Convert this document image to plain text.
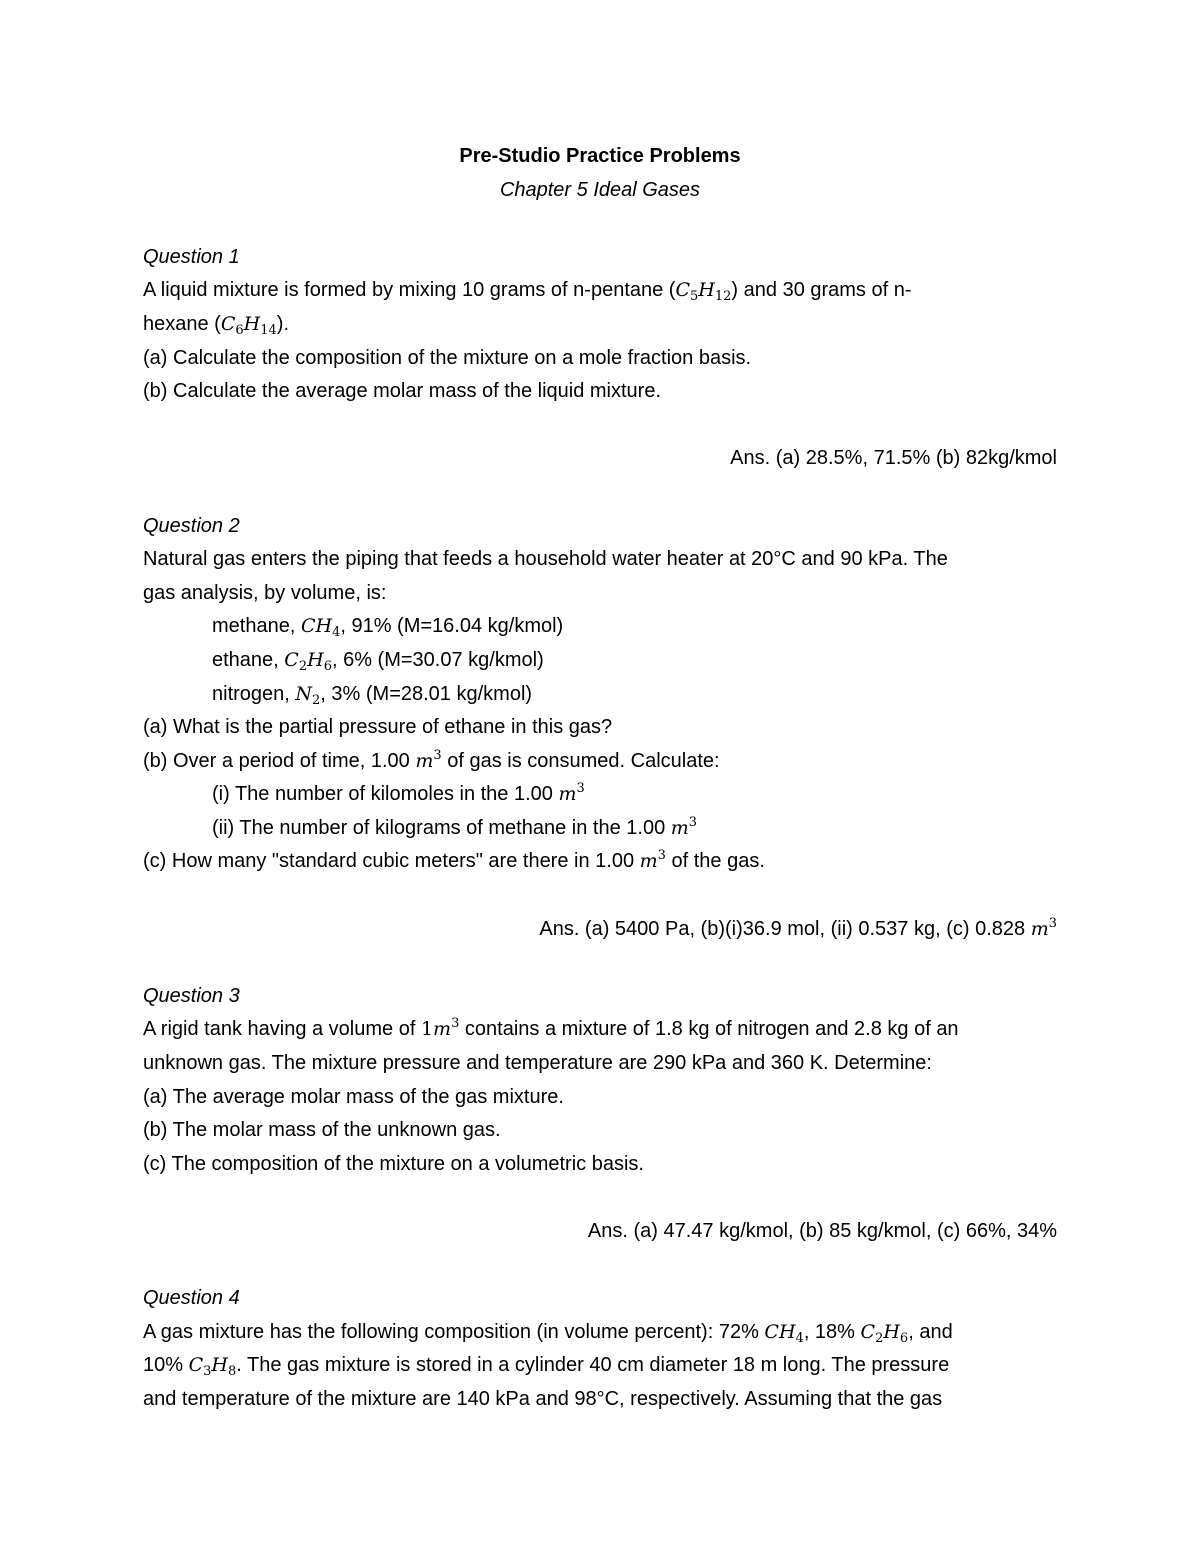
Pre-Studio Practice Problems
Chapter 5 Ideal Gases
Question 1
A liquid mixture is formed by mixing 10 grams of n-pentane $(C_5H_{12})$ and 30 grams of n-
hexane $(C_6H_{14})$.
(a) Calculate the composition of the mixture on a mole fraction basis.
(b) Calculate the average molar mass of the liquid mixture.
Ans. (a) 28.5%, 71.5% (b) 82kg/kmol
Question 2
Natural gas enters the piping that feeds a household water heater at 20°C and 90 kPa. The
gas analysis, by volume, is:
methane, $CH_4$, 91% (M=16.04 kg/kmol)
ethane, $C_2H_6$, 6% (M=30.07 kg/kmol)
nitrogen, $N_2$, 3% (M=28.01 kg/kmol)
(a) What is the partial pressure of ethane in this gas?
(b) Over a period of time, 1.00 $m^3$ of gas is consumed. Calculate:
(i) The number of kilomoles in the 1.00 $m^3$
(ii) The number of kilograms of methane in the 1.00 $m^3$
(c) How many "standard cubic meters" are there in 1.00 $m^3$ of the gas.
Ans. (a) 5400 Pa, (b)(i)36.9 mol, (ii) 0.537 kg, (c) 0.828 $m^3$
Question 3
A rigid tank having a volume of $1m^3$ contains a mixture of 1.8 kg of nitrogen and 2.8 kg of an
unknown gas. The mixture pressure and temperature are 290 kPa and 360 K. Determine:
(a) The average molar mass of the gas mixture.
(b) The molar mass of the unknown gas.
(c) The composition of the mixture on a volumetric basis.
Ans. (a) 47.47 kg/kmol, (b) 85 kg/kmol, (c) 66%, 34%
Question 4
A gas mixture has the following composition (in volume percent): 72% $CH_4$, 18% $C_2H_6$, and
10% $C_3H_8$. The gas mixture is stored in a cylinder 40 cm diameter 18 m long. The pressure
and temperature of the mixture are 140 kPa and 98°C, respectively. Assuming that the gas
